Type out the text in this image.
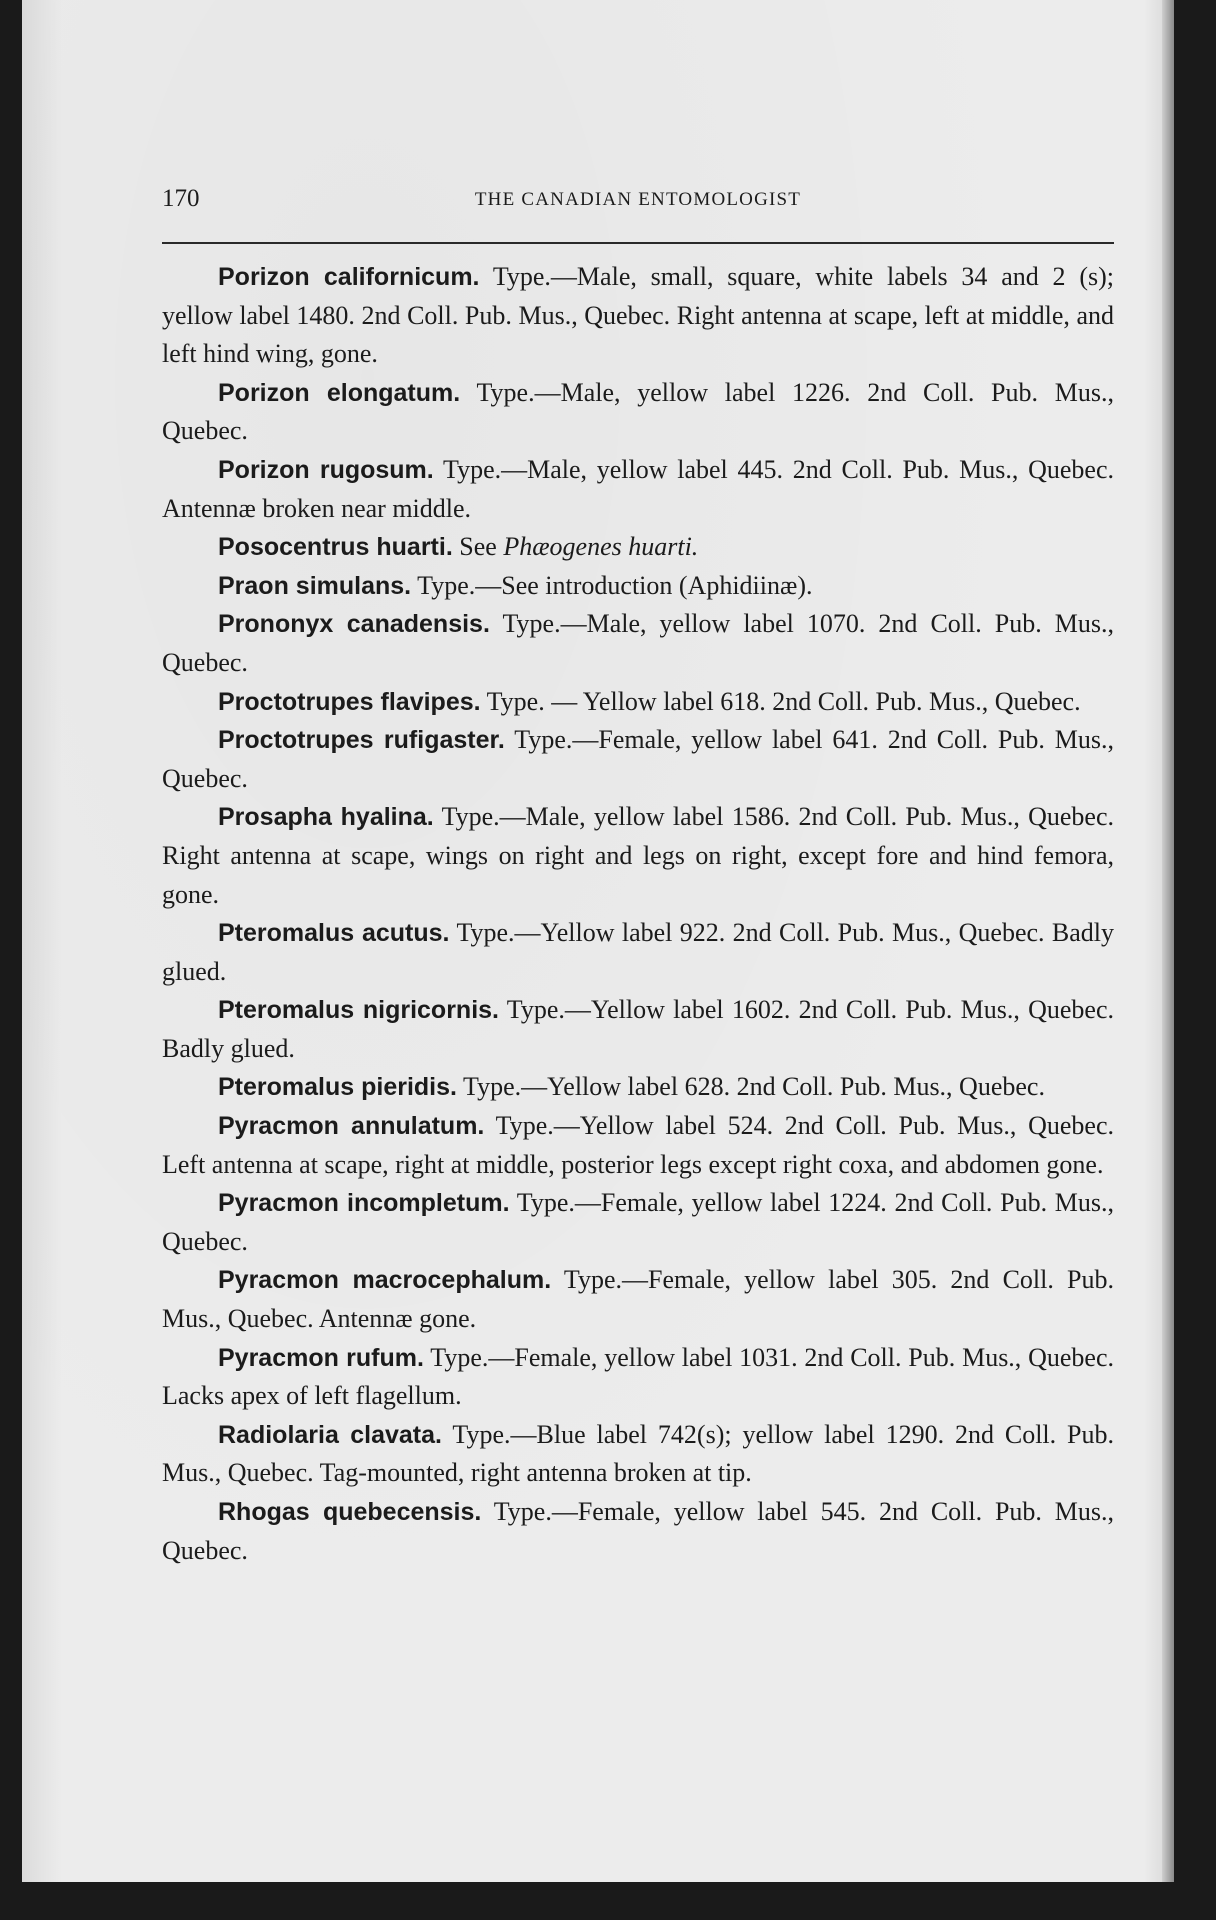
170	THE CANADIAN ENTOMOLOGIST

Porizon californicum. Type.—Male, small, square, white labels 34 and 2 (s); yellow label 1480. 2nd Coll. Pub. Mus., Quebec. Right antenna at scape, left at middle, and left hind wing, gone.

Porizon elongatum. Type.—Male, yellow label 1226. 2nd Coll. Pub. Mus., Quebec.

Porizon rugosum. Type.—Male, yellow label 445. 2nd Coll. Pub. Mus., Quebec. Antennæ broken near middle.

Posocentrus huarti. See Phæogenes huarti.

Praon simulans. Type.—See introduction (Aphidiinæ).

Prononyx canadensis. Type.—Male, yellow label 1070. 2nd Coll. Pub. Mus., Quebec.

Proctotrupes flavipes. Type. — Yellow label 618. 2nd Coll. Pub. Mus., Quebec.

Proctotrupes rufigaster. Type.—Female, yellow label 641. 2nd Coll. Pub. Mus., Quebec.

Prosapha hyalina. Type.—Male, yellow label 1586. 2nd Coll. Pub. Mus., Quebec. Right antenna at scape, wings on right and legs on right, except fore and hind femora, gone.

Pteromalus acutus. Type.—Yellow label 922. 2nd Coll. Pub. Mus., Quebec. Badly glued.

Pteromalus nigricornis. Type.—Yellow label 1602. 2nd Coll. Pub. Mus., Quebec. Badly glued.

Pteromalus pieridis. Type.—Yellow label 628. 2nd Coll. Pub. Mus., Quebec.

Pyracmon annulatum. Type.—Yellow label 524. 2nd Coll. Pub. Mus., Quebec. Left antenna at scape, right at middle, posterior legs except right coxa, and abdomen gone.

Pyracmon incompletum. Type.—Female, yellow label 1224. 2nd Coll. Pub. Mus., Quebec.

Pyracmon macrocephalum. Type.—Female, yellow label 305. 2nd Coll. Pub. Mus., Quebec. Antennæ gone.

Pyracmon rufum. Type.—Female, yellow label 1031. 2nd Coll. Pub. Mus., Quebec. Lacks apex of left flagellum.

Radiolaria clavata. Type.—Blue label 742(s); yellow label 1290. 2nd Coll. Pub. Mus., Quebec. Tag-mounted, right antenna broken at tip.

Rhogas quebecensis. Type.—Female, yellow label 545. 2nd Coll. Pub. Mus., Quebec.
